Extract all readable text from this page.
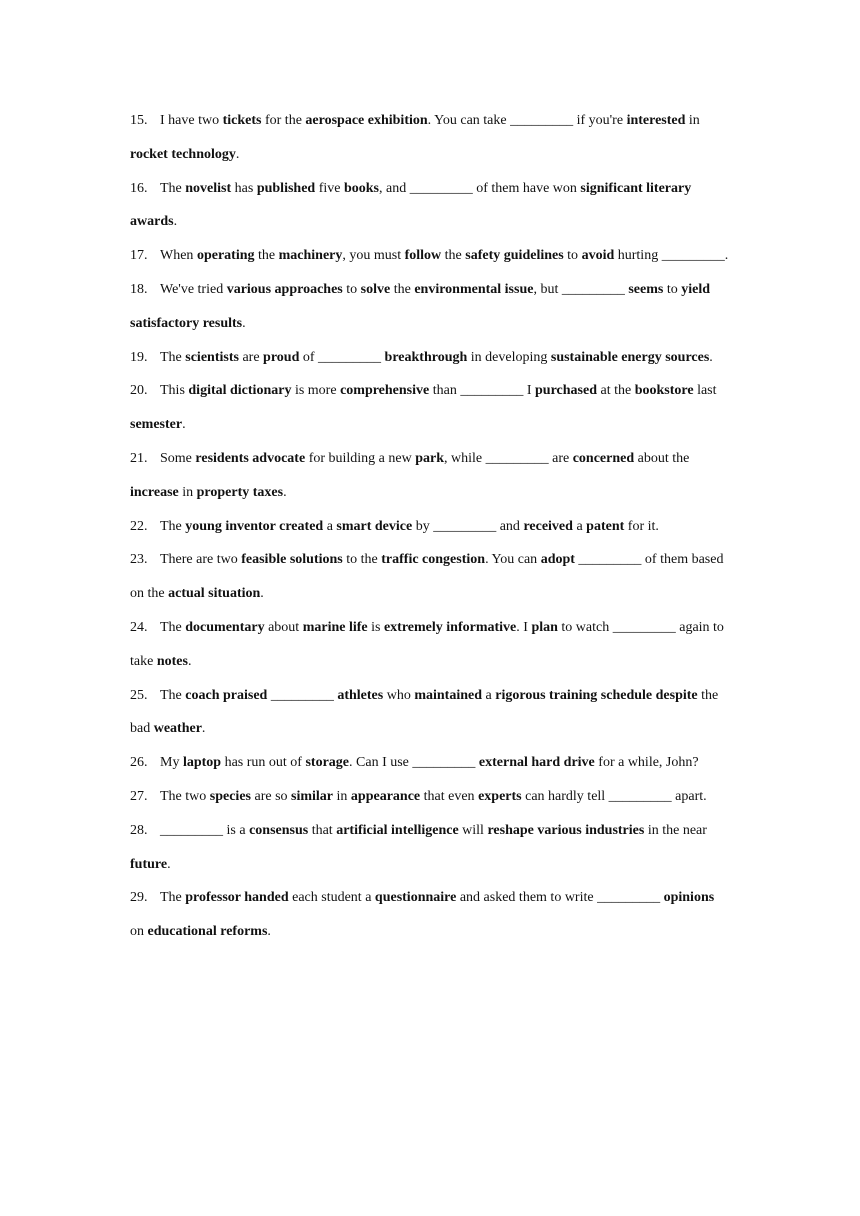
15. I have two tickets for the aerospace exhibition. You can take _________ if you're interested in rocket technology.

16. The novelist has published five books, and _________ of them have won significant literary awards.

17. When operating the machinery, you must follow the safety guidelines to avoid hurting _________.

18. We've tried various approaches to solve the environmental issue, but _________ seems to yield satisfactory results.

19. The scientists are proud of _________ breakthrough in developing sustainable energy sources.

20. This digital dictionary is more comprehensive than _________ I purchased at the bookstore last semester.

21. Some residents advocate for building a new park, while _________ are concerned about the increase in property taxes.

22. The young inventor created a smart device by _________ and received a patent for it.

23. There are two feasible solutions to the traffic congestion. You can adopt _________ of them based on the actual situation.

24. The documentary about marine life is extremely informative. I plan to watch _________ again to take notes.

25. The coach praised _________ athletes who maintained a rigorous training schedule despite the bad weather.

26. My laptop has run out of storage. Can I use _________ external hard drive for a while, John?

27. The two species are so similar in appearance that even experts can hardly tell _________ apart.

28. _________ is a consensus that artificial intelligence will reshape various industries in the near future.

29. The professor handed each student a questionnaire and asked them to write _________ opinions on educational reforms.
